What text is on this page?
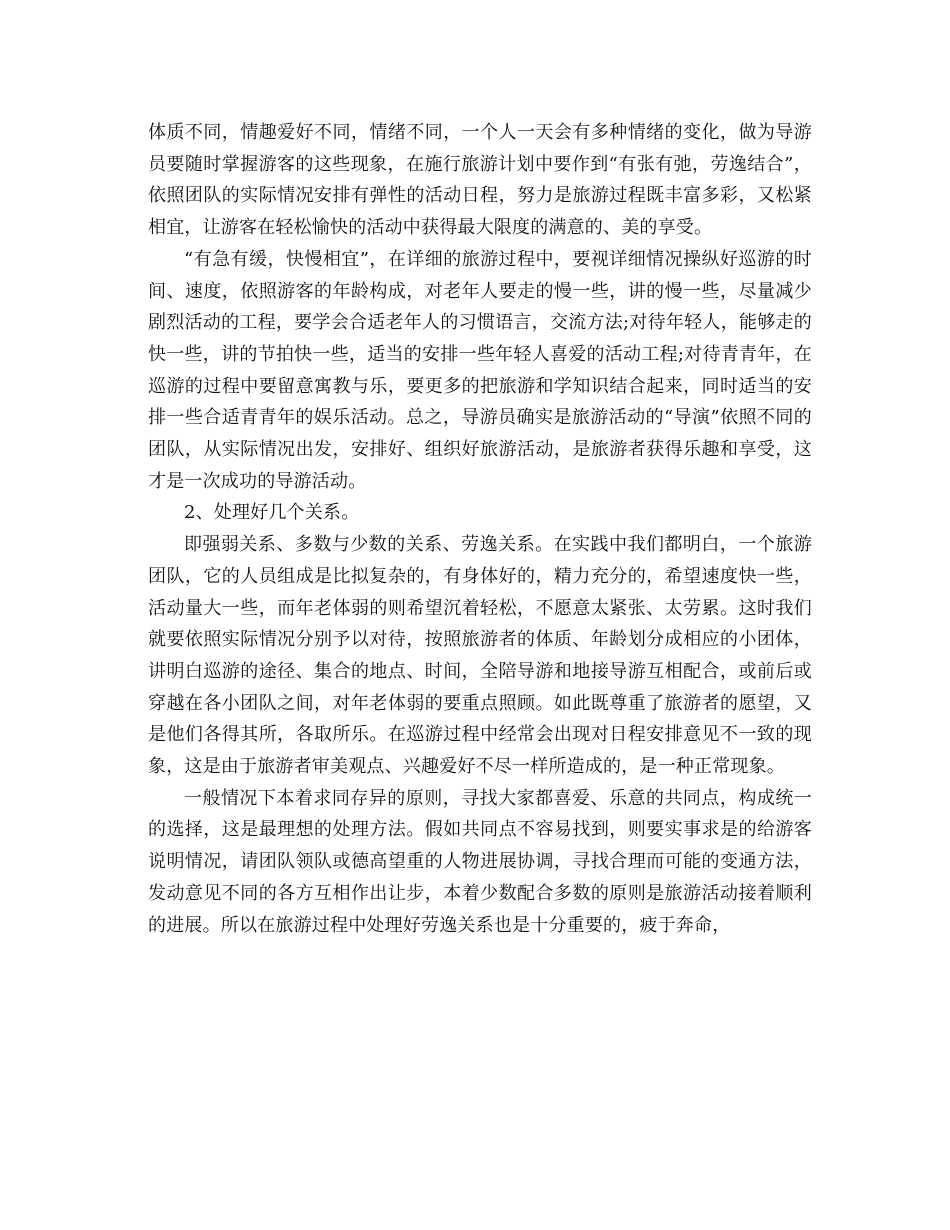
体质不同，情趣爱好不同，情绪不同，一个人一天会有多种情绪的变化，做为导游员要随时掌握游客的这些现象，在施行旅游计划中要作到“有张有弛，劳逸结合”，依照团队的实际情况安排有弹性的活动日程，努力是旅游过程既丰富多彩，又松紧相宜，让游客在轻松愉快的活动中获得最大限度的满意的、美的享受。

“有急有缓，快慢相宜”，在详细的旅游过程中，要视详细情况操纵好巡游的时间、速度，依照游客的年龄构成，对老年人要走的慢一些，讲的慢一些，尽量减少剧烈活动的工程，要学会合适老年人的习惯语言，交流方法;对待年轻人，能够走的快一些，讲的节拍快一些，适当的安排一些年轻人喜爱的活动工程;对待青青年，在巡游的过程中要留意寓教与乐，要更多的把旅游和学知识结合起来，同时适当的安排一些合适青青年的娱乐活动。总之，导游员确实是旅游活动的“导演”依照不同的团队，从实际情况出发，安排好、组织好旅游活动，是旅游者获得乐趣和享受，这才是一次成功的导游活动。

2、处理好几个关系。

即强弱关系、多数与少数的关系、劳逸关系。在实践中我们都明白，一个旅游团队，它的人员组成是比拟复杂的，有身体好的，精力充分的，希望速度快一些，活动量大一些，而年老体弱的则希望沉着轻松，不愿意太紧张、太劳累。这时我们就要依照实际情况分别予以对待，按照旅游者的体质、年龄划分成相应的小团体，讲明白巡游的途径、集合的地点、时间，全陪导游和地接导游互相配合，或前后或穿越在各小团队之间，对年老体弱的要重点照顾。如此既尊重了旅游者的愿望，又是他们各得其所，各取所乐。在巡游过程中经常会出现对日程安排意见不一致的现象，这是由于旅游者审美观点、兴趣爱好不尽一样所造成的，是一种正常现象。

一般情况下本着求同存异的原则，寻找大家都喜爱、乐意的共同点，构成统一的选择，这是最理想的处理方法。假如共同点不容易找到，则要实事求是的给游客说明情况，请团队领队或德高望重的人物进展协调，寻找合理而可能的变通方法，发动意见不同的各方互相作出让步，本着少数配合多数的原则是旅游活动接着顺利的进展。所以在旅游过程中处理好劳逸关系也是十分重要的，疲于奔命，
